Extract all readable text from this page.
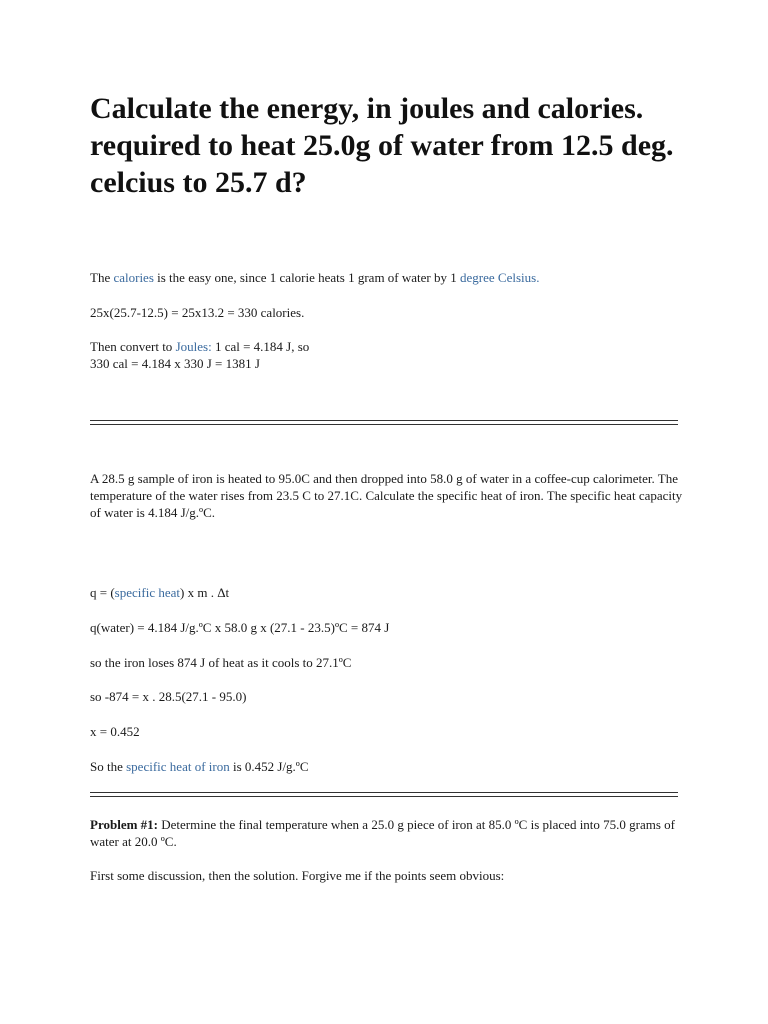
Calculate the energy, in joules and calories. required to heat 25.0g of water from 12.5 deg. celcius to 25.7 d?

The calories is the easy one, since 1 calorie heats 1 gram of water by 1 degree Celsius.

25x(25.7-12.5) = 25x13.2 = 330 calories.

Then convert to Joules: 1 cal = 4.184 J, so
330 cal = 4.184 x 330 J = 1381 J

A 28.5 g sample of iron is heated to 95.0C and then dropped into 58.0 g of water in a coffee-cup calorimeter. The temperature of the water rises from 23.5 C to 27.1C. Calculate the specific heat of iron. The specific heat capacity of water is 4.184 J/g.ºC.

q = (specific heat) x m . Δt

q(water) = 4.184 J/g.ºC x 58.0 g x (27.1 - 23.5)ºC = 874 J

so the iron loses 874 J of heat as it cools to 27.1ºC

so -874 = x . 28.5(27.1 - 95.0)

x = 0.452

So the specific heat of iron is 0.452 J/g.ºC

Problem #1: Determine the final temperature when a 25.0 g piece of iron at 85.0 ºC is placed into 75.0 grams of water at 20.0 ºC.

First some discussion, then the solution. Forgive me if the points seem obvious:
